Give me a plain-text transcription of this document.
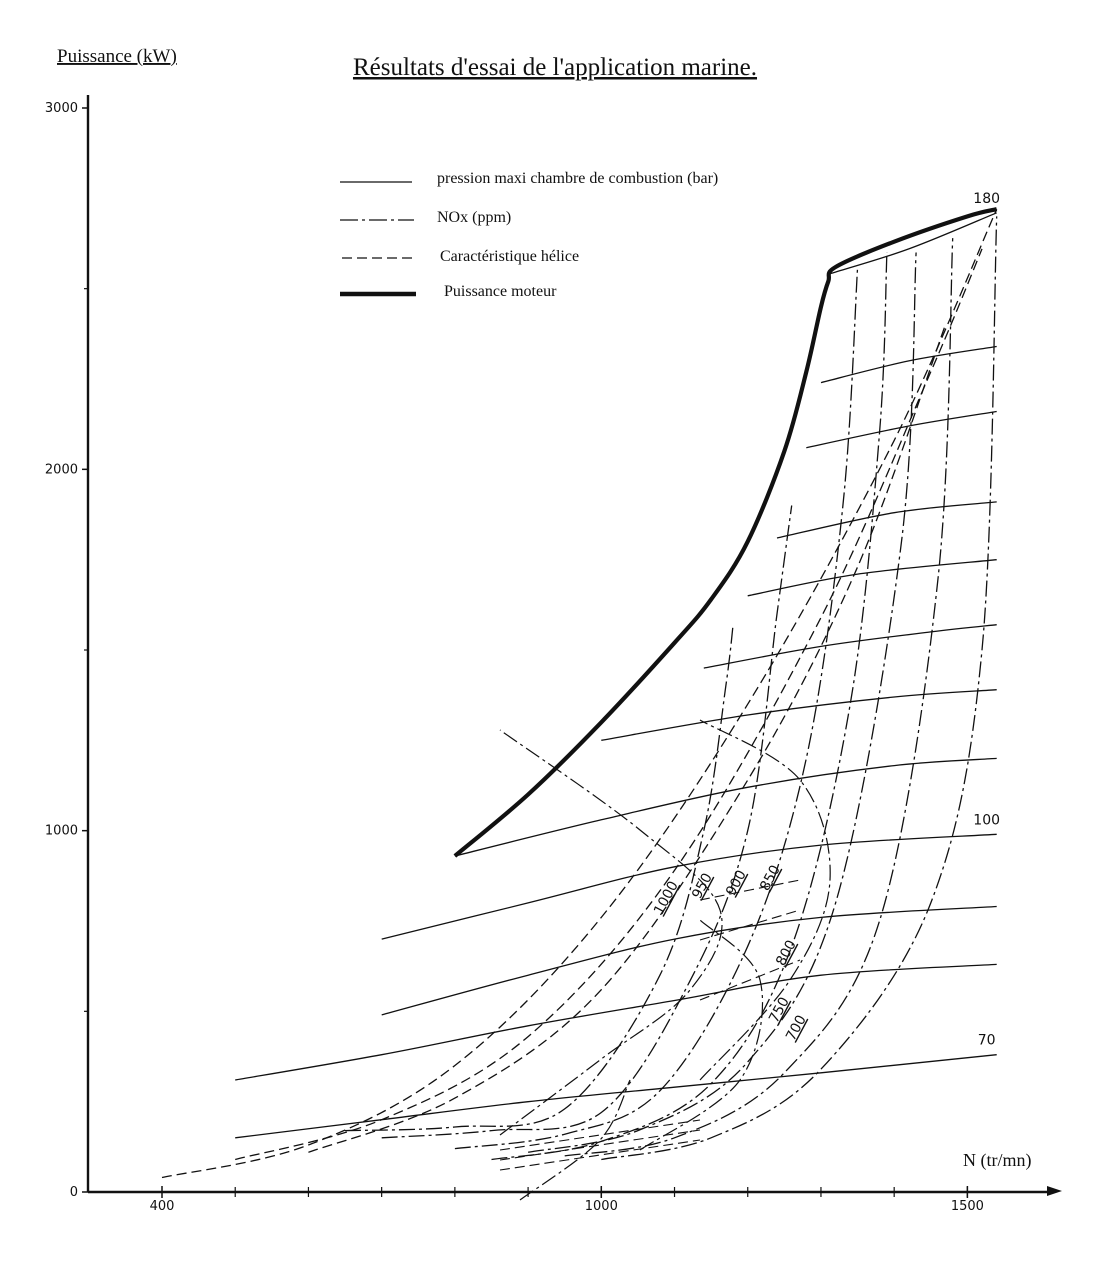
Résultats d'essai de l'application marine.
Puissance (kW)
N (tr/mn)
pression maxi chambre de combustion (bar)
NOx (ppm)
Caractéristique hélice
Puissance moteur
0
1000
2000
3000
400	1000	1500
70
100
180
1000 950 900 850
800
750
700
